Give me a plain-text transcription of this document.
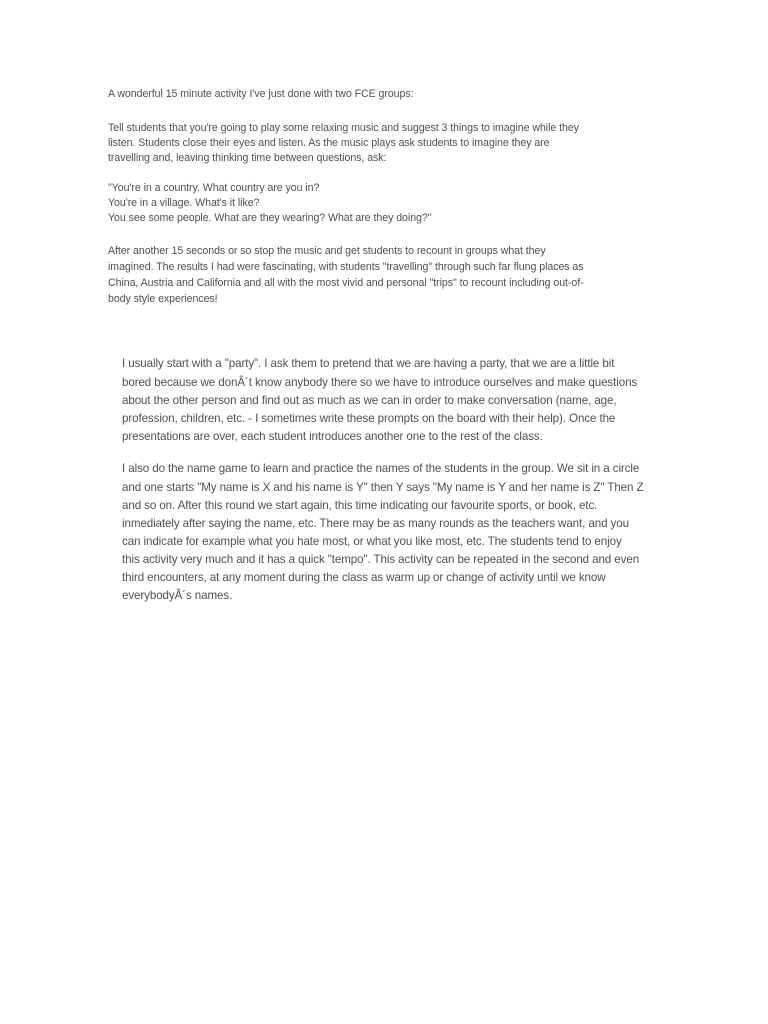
A wonderful 15 minute activity I've just done with two FCE groups:
Tell students that you're going to play some relaxing music and suggest 3 things to imagine while they
listen. Students close their eyes and listen. As the music plays ask students to imagine they are
travelling and, leaving thinking time between questions, ask:
"You're in a country. What country are you in?
You're in a village. What's it like?
You see some people. What are they wearing? What are they doing?"
After another 15 seconds or so stop the music and get students to recount in groups what they
imagined. The results I had were fascinating, with students "travelling" through such far flung places as
China, Austria and California and all with the most vivid and personal "trips" to recount including out-of-
body style experiences!
I usually start with a "party". I ask them to pretend that we are having a party, that we are a little bit
bored because we donÂ´t know anybody there so we have to introduce ourselves and make questions
about the other person and find out as much as we can in order to make conversation (name, age,
profession, children, etc. - I sometimes write these prompts on the board with their help). Once the
presentations are over, each student introduces another one to the rest of the class.
I also do the name game to learn and practice the names of the students in the group. We sit in a circle
and one starts "My name is X and his name is Y" then Y says "My name is Y and her name is Z" Then Z
and so on. After this round we start again, this time indicating our favourite sports, or book, etc.
inmediately after saying the name, etc. There may be as many rounds as the teachers want, and you
can indicate for example what you hate most, or what you like most, etc. The students tend to enjoy
this activity very much and it has a quick "tempo". This activity can be repeated in the second and even
third encounters, at any moment during the class as warm up or change of activity until we know
everybodyÂ´s names.
